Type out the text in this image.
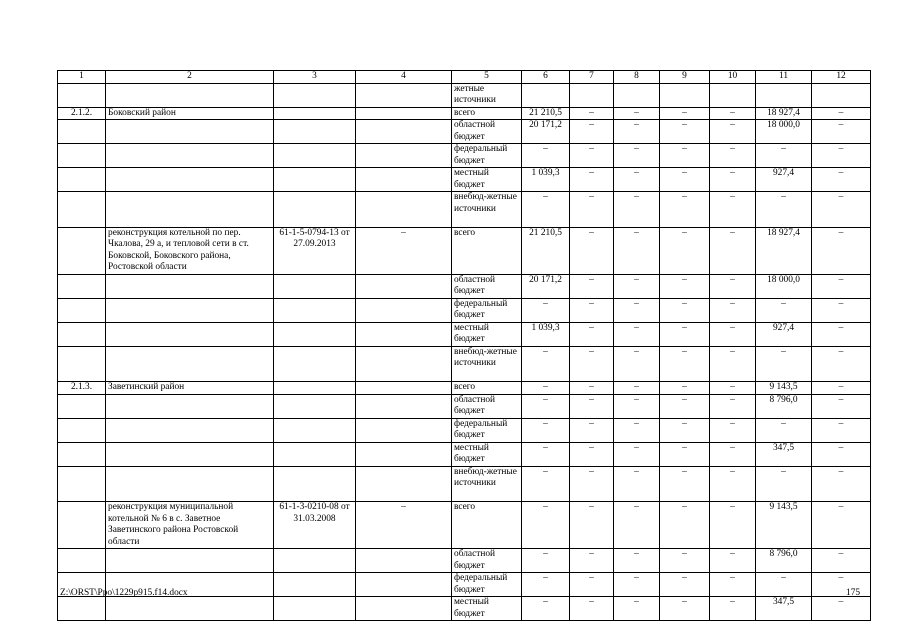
1	2	3	4	5	6	7	8	9	10	11	12
				жетные источники							
2.1.2.	Боковский район			всего	21 210,5	–	–	–	–	18 927,4	–
				областной бюджет	20 171,2	–	–	–	–	18 000,0	–
				федеральный бюджет	–	–	–	–	–	–	–
				местный бюджет	1 039,3	–	–	–	–	927,4	–
				внебюд-жетные источники	–	–	–	–	–	–	–
	реконструкция котельной по пер. Чкалова, 29 а, и тепловой сети в ст. Боковской, Боковского района, Ростовской области	61-1-5-0794-13 от 27.09.2013	–	всего	21 210,5	–	–	–	–	18 927,4	–
				областной бюджет	20 171,2	–	–	–	–	18 000,0	–
				федеральный бюджет	–	–	–	–	–	–	–
				местный бюджет	1 039,3	–	–	–	–	927,4	–
				внебюд-жетные источники	–	–	–	–	–	–	–
2.1.3.	Заветинский район			всего	–	–	–	–	–	9 143,5	–
				областной бюджет	–	–	–	–	–	8 796,0	–
				федеральный бюджет	–	–	–	–	–	–	–
				местный бюджет	–	–	–	–	–	347,5	–
				внебюд-жетные источники	–	–	–	–	–	–	–
	реконструкция муниципальной котельной № 6 в с. Заветное Заветинского района Ростовской области	61-1-3-0210-08 от 31.03.2008	–	всего	–	–	–	–	–	9 143,5	–
				областной бюджет	–	–	–	–	–	8 796,0	–
				федеральный бюджет	–	–	–	–	–	–	–
				местный бюджет	–	–	–	–	–	347,5	–
Z:\ORST\Ppo\1229p915.f14.docx	175
